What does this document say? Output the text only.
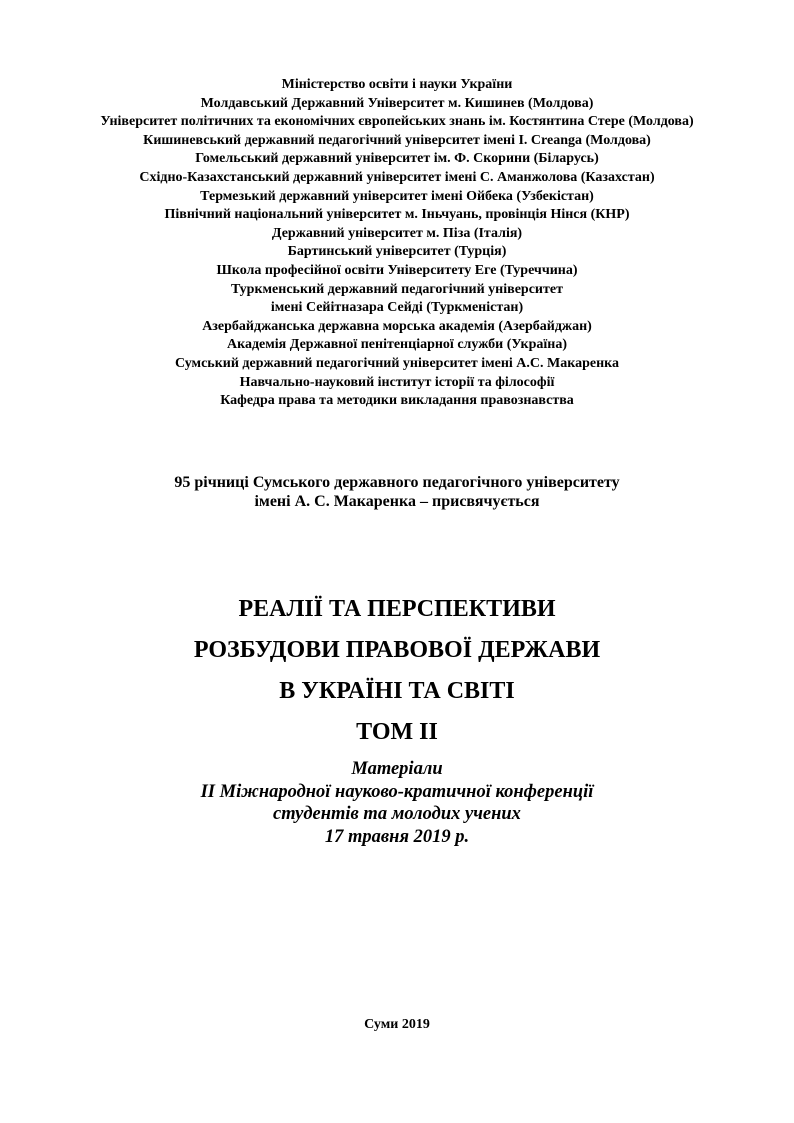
Міністерство освіти і науки України
Молдавський Державний Університет м. Кишинев (Молдова)
Університет політичних та економічних європейських знань ім. Костянтина Стере (Молдова)
Кишиневський державний педагогічний університет імені І. Creanga (Молдова)
Гомельський державний університет ім. Ф. Скорини (Біларусь)
Східно-Казахстанський державний університет імені С. Аманжолова (Казахстан)
Термезький державний університет імені Ойбека (Узбекістан)
Північний національний університет м. Іньчуань, провінція Нінся (КНР)
Державний університет м. Піза (Італія)
Бартинський університет (Турція)
Школа професійної освіти Університету Еге (Туреччина)
Туркменський державний педагогічний університет
імені Сейітназара Сейді (Туркменістан)
Азербайджанська державна морська академія (Азербайджан)
Академія Державної пенітенціарної служби (Україна)
Сумський державний педагогічний університет імені А.С. Макаренка
Навчально-науковий інститут історії та філософії
Кафедра права та методики викладання правознавства
95 річниці Сумського державного педагогічного університету
імені А. С. Макаренка – присвячується
РЕАЛІЇ ТА ПЕРСПЕКТИВИ
РОЗБУДОВИ ПРАВОВОЇ ДЕРЖАВИ
В УКРАЇНІ ТА СВІТІ
ТОМ ІІ
Матеріали
ІІ Міжнародної науково-кратичної конференції
студентів та молодих учених
17 травня 2019 р.
Суми 2019
